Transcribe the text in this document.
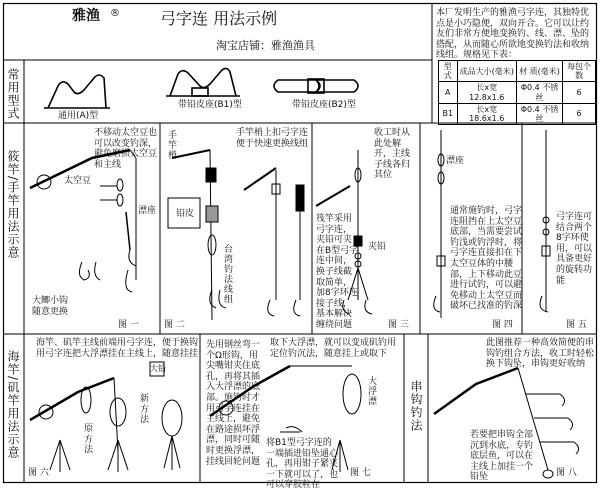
雅渔 ®	弓字连 用法示例
淘宝店铺：雅渔渔具
本厂发明生产的雅渔弓字连，其独特优点是小巧隐便，双向开合。它可以让约友们非常方便地变换钓、线、漂、坠的搭配，从而随心所欲地变换钓法和收纳线组。规格见下表：
型式	成品大小(毫米)	材 质(毫米)	每包个数
A	长x宽 12.8x1.6	Φ0.4 不锈丝	6
B1	长x宽 18.6x1.6	Φ0.4 不锈丝	6
常用型式	通用(A)型
带铅皮座(B1)型	带铅皮座(B2)型
筱竿/手竿用法示意
海竿/矶竿用法示意	串钩钓法
不移动太空豆也可以改变钓深，避免磨损太空豆和主线
太空豆
漂座
大鲫小钩随意更换
图 一
手竿梢
铅皮
台湾钓法线组
图 二
手竿梢上扣弓字连便于快速更换线组
收工时从此处解开，主线子线各归其位
筏竿采用弓字连，夹铅可夹在B型弓字连中间，换子线截取简单，加8字环连接子线，基本解决缠绕问题
夹铅
图 三
漂座
通常施钓时，弓字连阻挡在上太空豆底部，当需要尝试钓浅或钓浮时，将弓字连直接扣在下太空豆体的中腰部，上下移动此豆进行试钓，可以避免移动上太空豆而破坏已找准的钓深
图 四
弓字连可结合两个8字环使用，可以具备更好的旋转功能
图 五
海竿、矶竿主线前端用弓字连，便于换钩用弓字连把大浮漂挂在主线上，随意挂挂
原方法
新方法
大铅
先用钢丝弯一个Ω形钩，用尖嘴钳夹住底孔，再将其插入大浮漂的底部。施钓时才用弓字连挂在主线上，避免在路途损坏浮漂，同时可随时更换浮漂，挂线回轮问题
图 六
取下大浮漂，就可以变成矶钓用定位钓沉法，随意挂上或取下
大浮漂
将B1型弓字连的一端插进铅坠通心孔，再用钳子紧夹一下就可以了，也可以穿胶粒在
图 七
此图推荐一种高效简便的串钩钓组合方法，收工时轻松换下钩坠，串钩更好收纳
若要把串钩全部沉到水底，专钓底层鱼，可以在主线上加挂一个铅坠	图 八
